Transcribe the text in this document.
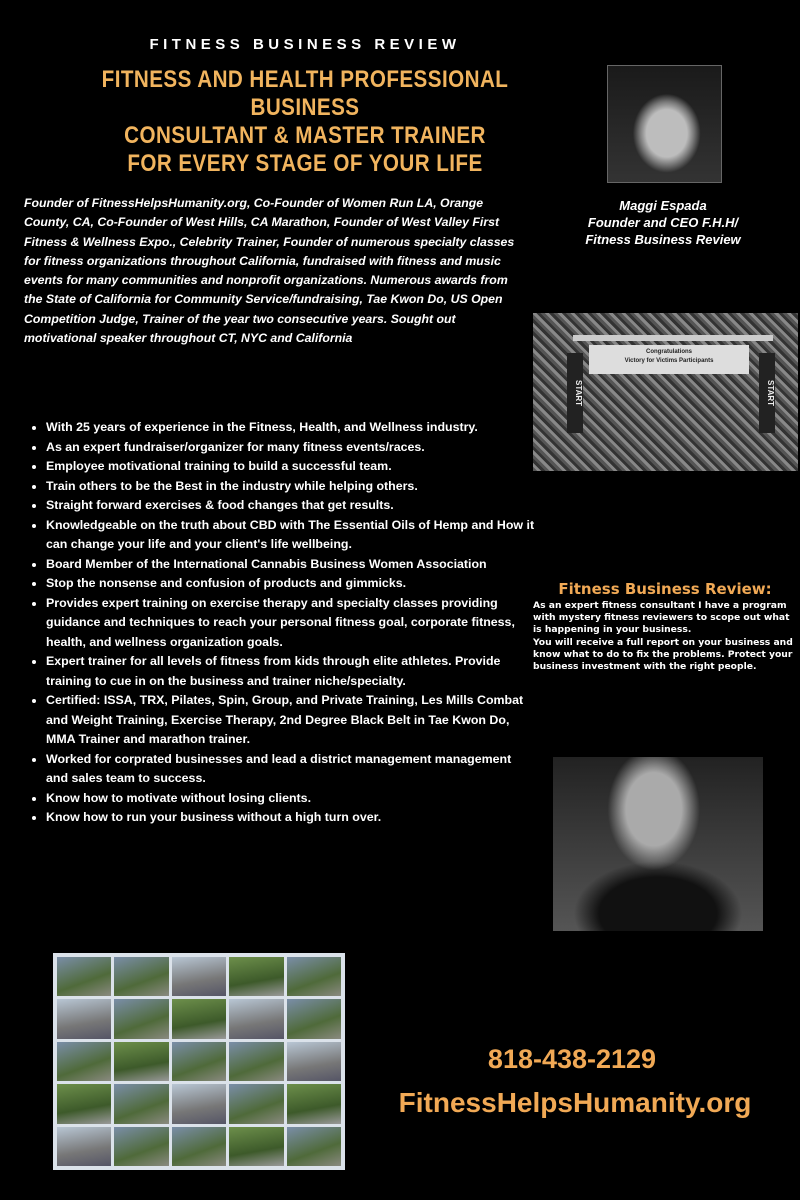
FITNESS BUSINESS REVIEW
FITNESS AND HEALTH PROFESSIONAL BUSINESS
CONSULTANT & MASTER TRAINER
FOR EVERY STAGE OF YOUR LIFE
Maggi Espada
Founder and CEO F.H.H/
Fitness Business Review
Founder of FitnessHelpsHumanity.org, Co-Founder of Women Run LA, Orange County, CA, Co-Founder of West Hills, CA Marathon, Founder of West Valley First Fitness & Wellness Expo., Celebrity Trainer, Founder of numerous specialty classes for fitness organizations throughout California, fundraised with fitness and music events for many communities and nonprofit organizations. Numerous awards from the State of California for Community Service/fundraising, Tae Kwon Do, US Open Competition Judge, Trainer of the year two consecutive years. Sought out motivational speaker throughout CT, NYC and California
• With 25 years of experience in the Fitness, Health, and Wellness industry.
• As an expert fundraiser/organizer for many fitness events/races.
• Employee motivational training to build a successful team.
• Train others to be the Best in the industry while helping others.
• Straight forward exercises & food changes that get results.
• Knowledgeable on the truth about CBD with The Essential Oils of Hemp and How it can change your life and your client's life wellbeing.
• Board Member of the International Cannabis Business Women Association
• Stop the nonsense and confusion of products and gimmicks.
• Provides expert training on exercise therapy and specialty classes providing guidance and techniques to reach your personal fitness goal, corporate fitness, health, and wellness organization goals.
• Expert trainer for all levels of fitness from kids through elite athletes. Provide training to cue in on the business and trainer niche/specialty.
• Certified: ISSA, TRX, Pilates, Spin, Group, and Private Training, Les Mills Combat and Weight Training, Exercise Therapy, 2nd Degree Black Belt in Tae Kwon Do, MMA Trainer and marathon trainer.
• Worked for corprated businesses and lead a district management management and sales team to success.
• Know how to motivate without losing clients.
• Know how to run your business without a high turn over.
Congratulations
Victory for Victims Participants
START	START
Fitness Business Review:
As an expert fitness consultant I have a program with mystery fitness reviewers to scope out what is happening in your business.
You will receive a full report on your business and know what to do to fix the problems. Protect your business investment with the right people.
818-438-2129
FitnessHelpsHumanity.org
